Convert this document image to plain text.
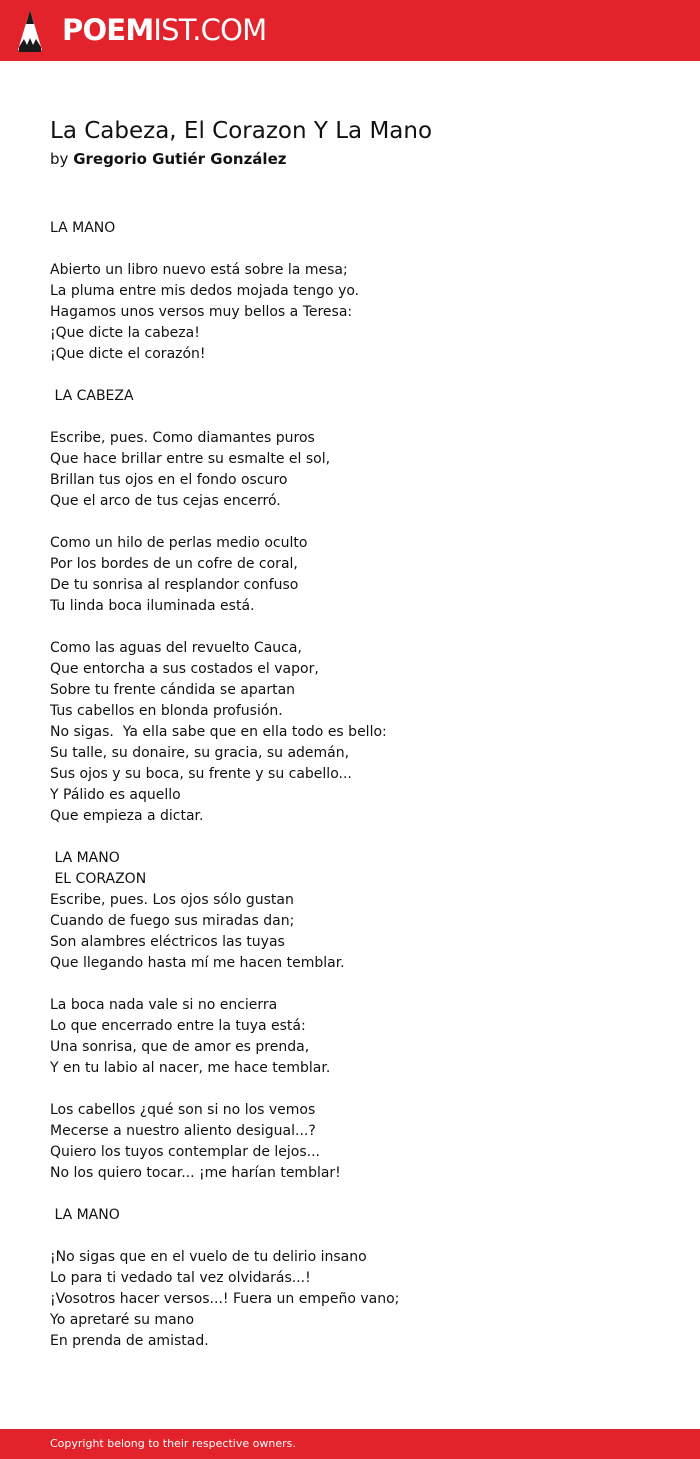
POEMIST.COM
La Cabeza, El Corazon Y La Mano
by Gregorio Gutiér González
LA MANO
Abierto un libro nuevo está sobre la mesa;
La pluma entre mis dedos mojada tengo yo.
Hagamos unos versos muy bellos a Teresa:
¡Que dicte la cabeza!
¡Que dicte el corazón!
LA CABEZA
Escribe, pues. Como diamantes puros
Que hace brillar entre su esmalte el sol,
Brillan tus ojos en el fondo oscuro
Que el arco de tus cejas encerró.
Como un hilo de perlas medio oculto
Por los bordes de un cofre de coral,
De tu sonrisa al resplandor confuso
Tu linda boca iluminada está.
Como las aguas del revuelto Cauca,
Que entorcha a sus costados el vapor,
Sobre tu frente cándida se apartan
Tus cabellos en blonda profusión.
No sigas.  Ya ella sabe que en ella todo es bello:
Su talle, su donaire, su gracia, su ademán,
Sus ojos y su boca, su frente y su cabello...
Y Pálido es aquello
Que empieza a dictar.
LA MANO
EL CORAZON
Escribe, pues. Los ojos sólo gustan
Cuando de fuego sus miradas dan;
Son alambres eléctricos las tuyas
Que llegando hasta mí me hacen temblar.
La boca nada vale si no encierra
Lo que encerrado entre la tuya está:
Una sonrisa, que de amor es prenda,
Y en tu labio al nacer, me hace temblar.
Los cabellos ¿qué son si no los vemos
Mecerse a nuestro aliento desigual...?
Quiero los tuyos contemplar de lejos...
No los quiero tocar... ¡me harían temblar!
LA MANO
¡No sigas que en el vuelo de tu delirio insano
Lo para ti vedado tal vez olvidarás...!
¡Vosotros hacer versos...! Fuera un empeño vano;
Yo apretaré su mano
En prenda de amistad.
Copyright belong to their respective owners.
